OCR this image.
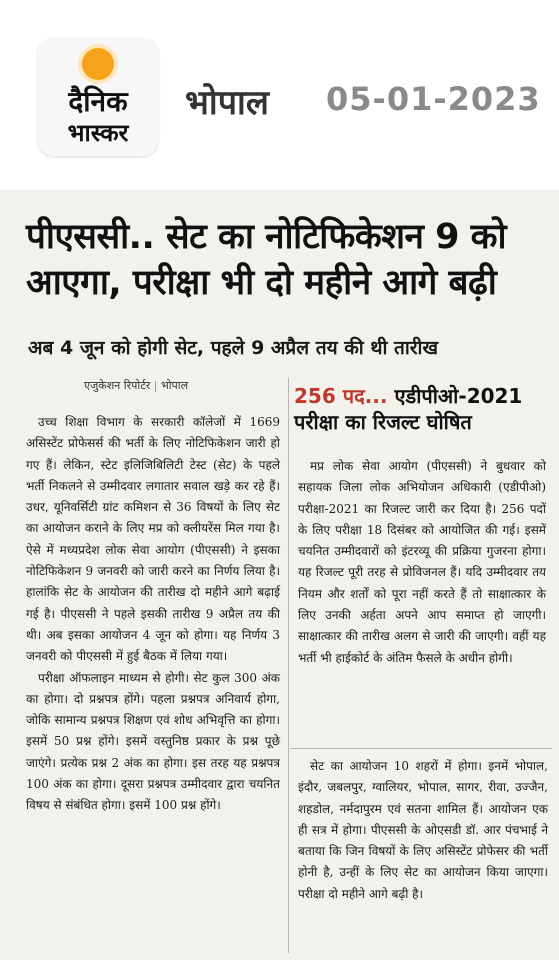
दैनिक
भास्कर
भोपाल 05-01-2023
पीएससी.. सेट का नोटिफिकेशन 9 को आएगा, परीक्षा भी दो महीने आगे बढ़ी
अब 4 जून को होगी सेट, पहले 9 अप्रैल तय की थी तारीख
एजुकेशन रिपोर्टर | भोपाल	256 पद... एडीपीओ-2021 परीक्षा का रिजल्ट घोषित

उच्च शिक्षा विभाग के सरकारी कॉलेजों में 1669 असिस्टेंट प्रोफेसर्स की भर्ती के लिए नोटिफिकेशन जारी हो गए हैं। लेकिन, स्टेट इलिजिबिलिटी टेस्ट (सेट) के पहले भर्ती निकलने से उम्मीदवार लगातार सवाल खड़े कर रहे हैं। उधर, यूनिवर्सिटी ग्रांट कमिशन से 36 विषयों के लिए सेट का आयोजन कराने के लिए मप्र को क्लीयरेंस मिल गया है। ऐसे में मध्यप्रदेश लोक सेवा आयोग (पीएससी) ने इसका नोटिफिकेशन 9 जनवरी को जारी करने का निर्णय लिया है। हालांकि सेट के आयोजन की तारीख दो महीने आगे बढ़ाई गई है। पीएससी ने पहले इसकी तारीख 9 अप्रैल तय की थी। अब इसका आयोजन 4 जून को होगा। यह निर्णय 3 जनवरी को पीएससी में हुई बैठक में लिया गया।

परीक्षा ऑफलाइन माध्यम से होगी। सेट कुल 300 अंक का होगा। दो प्रश्नपत्र होंगे। पहला प्रश्नपत्र अनिवार्य होगा, जोकि सामान्य प्रश्नपत्र शिक्षण एवं शोध अभिवृत्ति का होगा। इसमें 50 प्रश्न होंगे। इसमें वस्तुनिष्ठ प्रकार के प्रश्न पूछे जाएंगे। प्रत्येक प्रश्न 2 अंक का होगा। इस तरह यह प्रश्नपत्र 100 अंक का होगा। दूसरा प्रश्नपत्र उम्मीदवार द्वारा चयनित विषय से संबंधित होगा। इसमें 100 प्रश्न होंगे।

मप्र लोक सेवा आयोग (पीएससी) ने बुधवार को सहायक जिला लोक अभियोजन अधिकारी (एडीपीओ) परीक्षा-2021 का रिजल्ट जारी कर दिया है। 256 पदों के लिए परीक्षा 18 दिसंबर को आयोजित की गई। इसमें चयनित उम्मीदवारों को इंटरव्यू की प्रक्रिया गुजरना होगा। यह रिजल्ट पूरी तरह से प्रोविजनल हैं। यदि उम्मीदवार तय नियम और शर्तों को पूरा नहीं करते हैं तो साक्षात्कार के लिए उनकी अर्हता अपने आप समाप्त हो जाएगी। साक्षात्कार की तारीख अलग से जारी की जाएगी। वहीं यह भर्ती भी हाईकोर्ट के अंतिम फैसले के अधीन होगी।

सेट का आयोजन 10 शहरों में होगा। इनमें भोपाल, इंदौर, जबलपुर, ग्वालियर, भोपाल, सागर, रीवा, उज्जैन, शहडोल, नर्मदापुरम एवं सतना शामिल हैं। आयोजन एक ही सत्र में होगा। पीएससी के ओएसडी डॉ. आर पंचभाई ने बताया कि जिन विषयों के लिए असिस्टेंट प्रोफेसर की भर्ती होनी है, उन्हीं के लिए सेट का आयोजन किया जाएगा। परीक्षा दो महीने आगे बढ़ी है।
